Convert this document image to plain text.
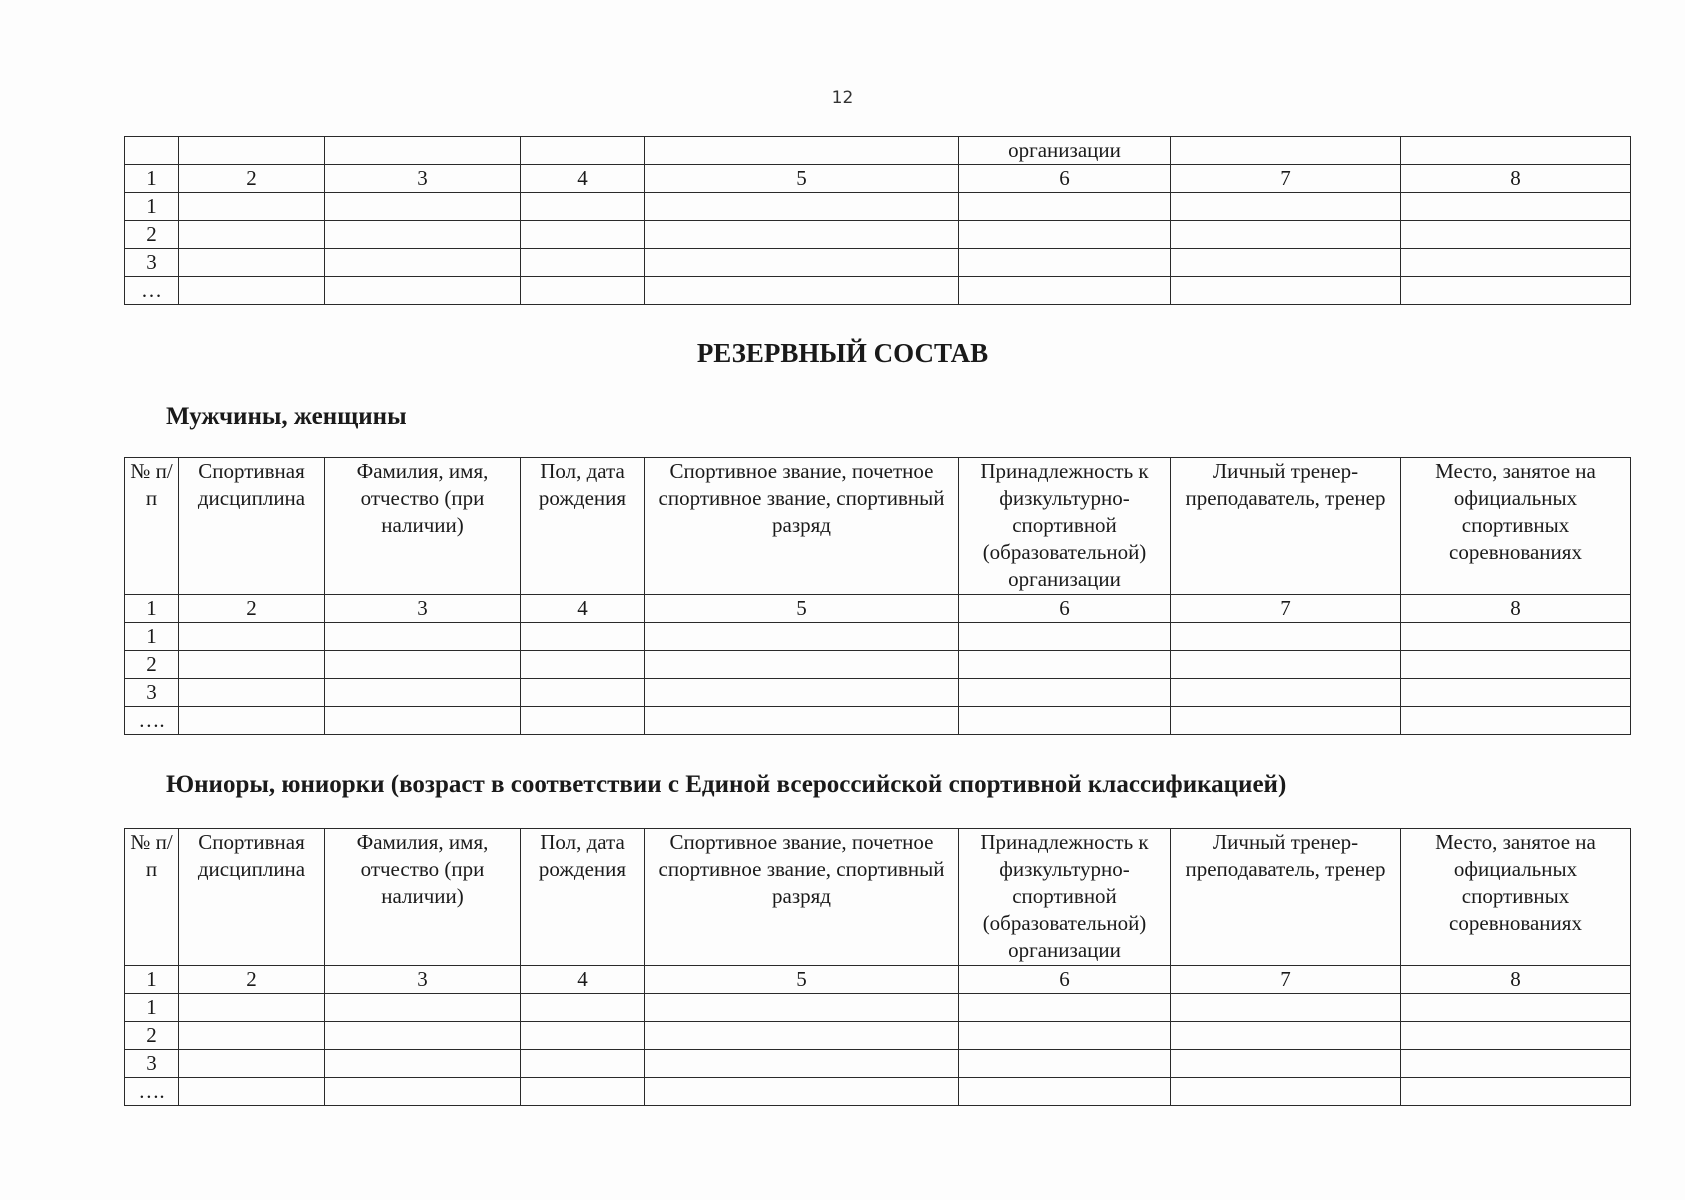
12
					организации		
1	2	3	4	5	6	7	8
1							
2							
3							
…							
РЕЗЕРВНЫЙ СОСТАВ
Мужчины, женщины
№ п/п	Спортивная дисциплина	Фамилия, имя, отчество (при наличии)	Пол, дата рождения	Спортивное звание, почетное спортивное звание, спортивный разряд	Принадлежность к физкультурно-спортивной (образовательной) организации	Личный тренер-преподаватель, тренер	Место, занятое на официальных спортивных соревнованиях
1	2	3	4	5	6	7	8
1							
2							
3							
….							
Юниоры, юниорки (возраст в соответствии с Единой всероссийской спортивной классификацией)
№ п/п	Спортивная дисциплина	Фамилия, имя, отчество (при наличии)	Пол, дата рождения	Спортивное звание, почетное спортивное звание, спортивный разряд	Принадлежность к физкультурно-спортивной (образовательной) организации	Личный тренер-преподаватель, тренер	Место, занятое на официальных спортивных соревнованиях
1	2	3	4	5	6	7	8
1							
2							
3							
….							
